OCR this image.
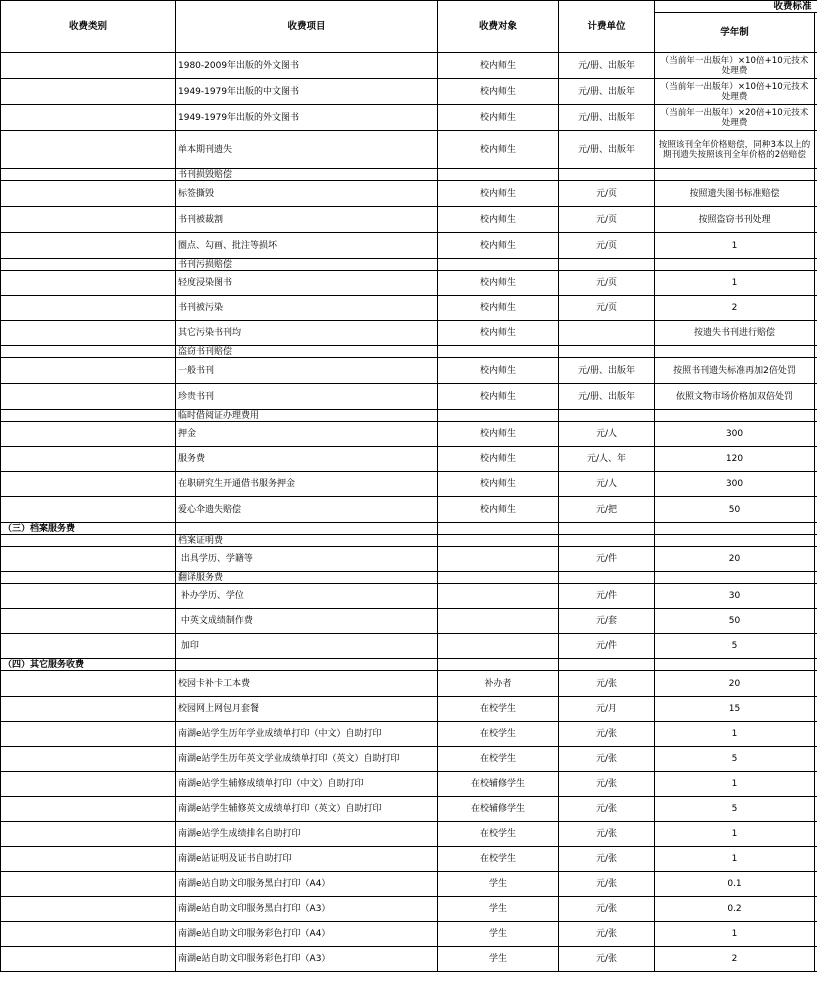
收费类别	收费项目	收费对象	计费单位	收费标准	
				学年制	
	1980-2009年出版的外文图书	校内师生	元/册、出版年	（当前年一出版年）×10倍+10元技术处理费	
	1949-1979年出版的中文图书	校内师生	元/册、出版年	（当前年一出版年）×10倍+10元技术处理费	
	1949-1979年出版的外文图书	校内师生	元/册、出版年	（当前年一出版年）×20倍+10元技术处理费	
	单本期刊遗失	校内师生	元/册、出版年	按照该刊全年价格赔偿，同种3本以上的期刊遗失按照该刊全年价格的2倍赔偿	
	书刊损毁赔偿				
	标签撕毁	校内师生	元/页	按照遗失图书标准赔偿	
	书刊被裁割	校内师生	元/页	按照盗窃书刊处理	
	圈点、勾画、批注等损坏	校内师生	元/页	1	
	书刊污损赔偿				
	轻度浸染图书	校内师生	元/页	1	
	书刊被污染	校内师生	元/页	2	
	其它污染书刊均	校内师生		按遗失书刊进行赔偿	
	盗窃书刊赔偿				
	一般书刊	校内师生	元/册、出版年	按照书刊遗失标准再加2倍处罚	
	珍贵书刊	校内师生	元/册、出版年	依照文物市场价格加双倍处罚	
	临时借阅证办理费用				
	押金	校内师生	元/人	300	
	服务费	校内师生	元/人、年	120	
	在职研究生开通借书服务押金	校内师生	元/人	300	
	爱心伞遗失赔偿	校内师生	元/把	50	
（三）档案服务费					
	档案证明费				
	出具学历、学籍等		元/件	20	
	翻译服务费				
	补办学历、学位		元/件	30	
	中英文成绩制作费		元/套	50	
	加印		元/件	5	
（四）其它服务收费					
	校园卡补卡工本费	补办者	元/张	20	
	校园网上网包月套餐	在校学生	元/月	15	
	南湖e站学生历年学业成绩单打印（中文）自助打印	在校学生	元/张	1	
	南湖e站学生历年英文学业成绩单打印（英文）自助打印	在校学生	元/张	5	
	南湖e站学生辅修成绩单打印（中文）自助打印	在校辅修学生	元/张	1	
	南湖e站学生辅修英文成绩单打印（英文）自助打印	在校辅修学生	元/张	5	
	南湖e站学生成绩排名自助打印	在校学生	元/张	1	
	南湖e站证明及证书自助打印	在校学生	元/张	1	
	南湖e站自助文印服务黑白打印（A4）	学生	元/张	0.1	
	南湖e站自助文印服务黑白打印（A3）	学生	元/张	0.2	
	南湖e站自助文印服务彩色打印（A4）	学生	元/张	1	
	南湖e站自助文印服务彩色打印（A3）	学生	元/张	2	
